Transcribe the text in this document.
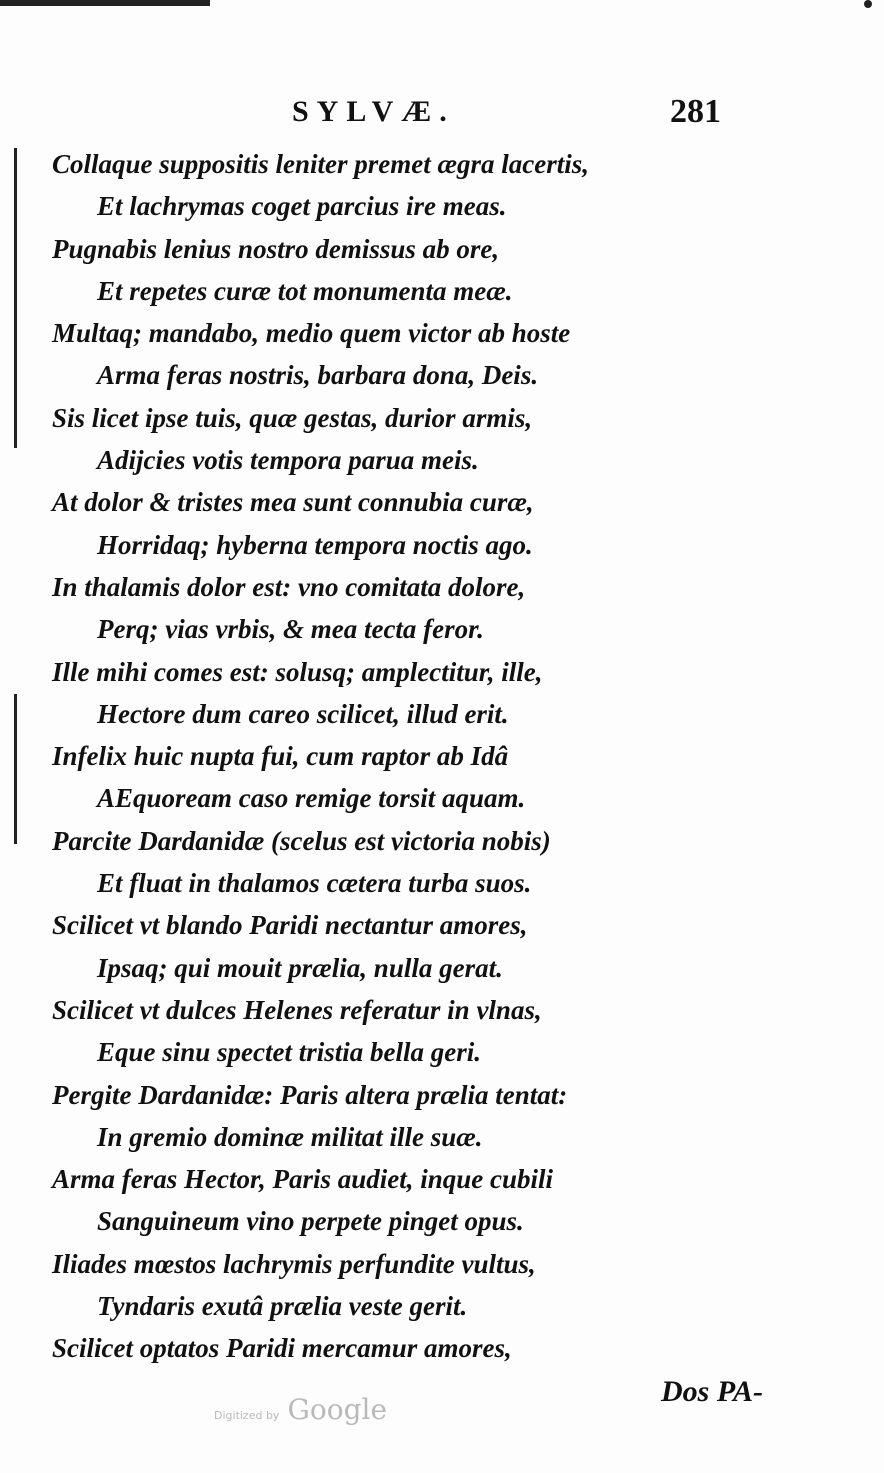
SYLVÆ.	281
Collaque suppositis leniter premet ægra lacertis,
Et lachrymas coget parcius ire meas.
Pugnabis lenius nostro demissus ab ore,
Et repetes curæ tot monumenta meæ.
Multaq; mandabo, medio quem victor ab hoste
Arma feras nostris, barbara dona, Deis.
Sis licet ipse tuis, quæ gestas, durior armis,
Adijcies votis tempora parua meis.
At dolor & tristes mea sunt connubia curæ,
Horridaq; hyberna tempora noctis ago.
In thalamis dolor est: vno comitata dolore,
Perq; vias vrbis, & mea tecta feror.
Ille mihi comes est: solusq; amplectitur, ille,
Hectore dum careo scilicet, illud erit.
Infelix huic nupta fui, cum raptor ab Idâ
AEquoream caso remige torsit aquam.
Parcite Dardanidæ (scelus est victoria nobis)
Et fluat in thalamos cætera turba suos.
Scilicet vt blando Paridi nectantur amores,
Ipsaq; qui mouit prælia, nulla gerat.
Scilicet vt dulces Helenes referatur in vlnas,
Eque sinu spectet tristia bella geri.
Pergite Dardanidæ: Paris altera prælia tentat:
In gremio dominæ militat ille suæ.
Arma feras Hector, Paris audiet, inque cubili
Sanguineum vino perpete pinget opus.
Iliades mœstos lachrymis perfundite vultus,
Tyndaris exutâ prælia veste gerit.
Scilicet optatos Paridi mercamur amores,
Dos PA-
Digitized by Google
